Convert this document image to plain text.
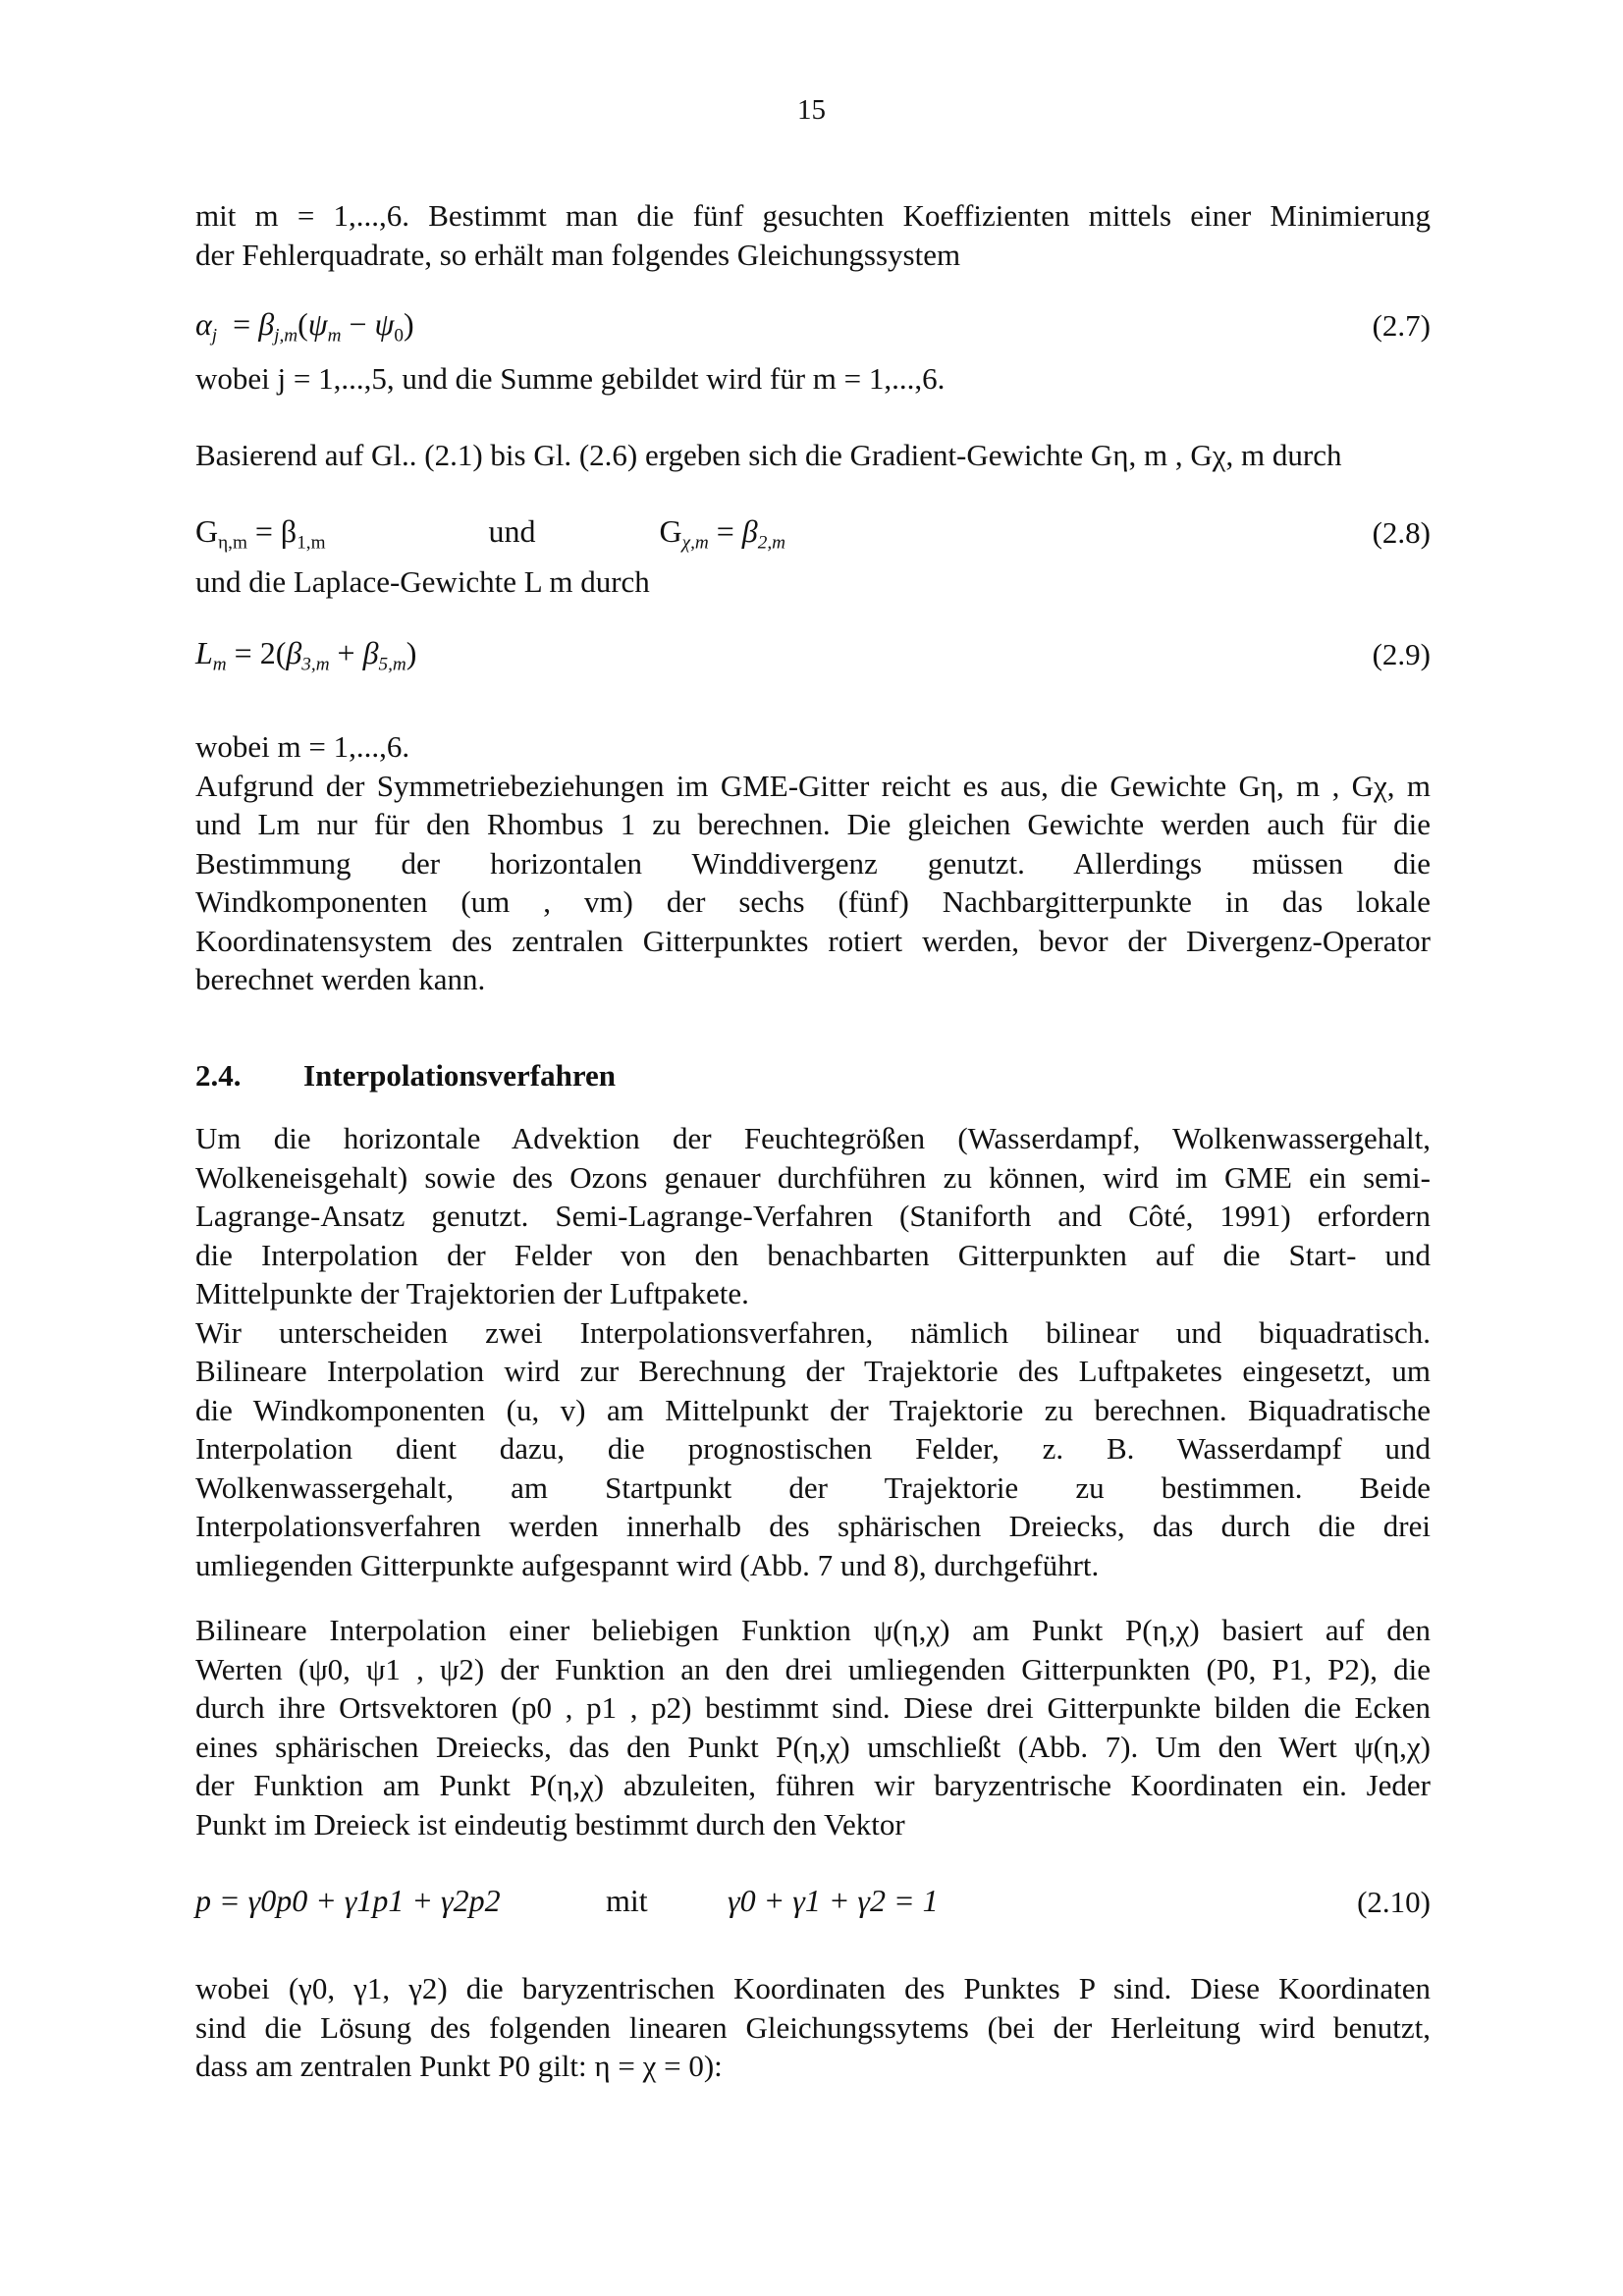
15
mit m = 1,...,6. Bestimmt man die fünf gesuchten Koeffizienten mittels einer Minimierung
der Fehlerquadrate, so erhält man folgendes Gleichungssystem
$\alpha_j = \beta_{j,m}(\psi_m - \psi_0)$	(2.7)
wobei j = 1,...,5, und die Summe gebildet wird für m = 1,...,6.
Basierend auf Gl.. (2.1) bis Gl. (2.6) ergeben sich die Gradient-Gewichte Gη, m , Gχ, m durch
$G_{\eta,m} = \beta_{1,m}$	und	$G_{\chi,m} = \beta_{2,m}$	(2.8)
und die Laplace-Gewichte L m durch
$L_m = 2(\beta_{3,m} + \beta_{5,m})$	(2.9)
wobei m = 1,...,6.
Aufgrund der Symmetriebeziehungen im GME-Gitter reicht es aus, die Gewichte Gη, m , Gχ, m
und Lm nur für den Rhombus 1 zu berechnen. Die gleichen Gewichte werden auch für die
Bestimmung der horizontalen Winddivergenz genutzt. Allerdings müssen die
Windkomponenten (um , vm) der sechs (fünf) Nachbargitterpunkte in das lokale
Koordinatensystem des zentralen Gitterpunktes rotiert werden, bevor der Divergenz-Operator
berechnet werden kann.
2.4. Interpolationsverfahren
Um die horizontale Advektion der Feuchtegrößen (Wasserdampf, Wolkenwassergehalt,
Wolkeneisgehalt) sowie des Ozons genauer durchführen zu können, wird im GME ein semi-
Lagrange-Ansatz genutzt. Semi-Lagrange-Verfahren (Staniforth and Côté, 1991) erfordern
die Interpolation der Felder von den benachbarten Gitterpunkten auf die Start- und
Mittelpunkte der Trajektorien der Luftpakete.
Wir unterscheiden zwei Interpolationsverfahren, nämlich bilinear und biquadratisch.
Bilineare Interpolation wird zur Berechnung der Trajektorie des Luftpaketes eingesetzt, um
die Windkomponenten (u, v) am Mittelpunkt der Trajektorie zu berechnen. Biquadratische
Interpolation dient dazu, die prognostischen Felder, z. B. Wasserdampf und
Wolkenwassergehalt, am Startpunkt der Trajektorie zu bestimmen. Beide
Interpolationsverfahren werden innerhalb des sphärischen Dreiecks, das durch die drei
umliegenden Gitterpunkte aufgespannt wird (Abb. 7 und 8), durchgeführt.
Bilineare Interpolation einer beliebigen Funktion ψ(η,χ) am Punkt P(η,χ) basiert auf den
Werten (ψ0, ψ1 , ψ2) der Funktion an den drei umliegenden Gitterpunkten (P0, P1, P2), die
durch ihre Ortsvektoren (p0 , p1 , p2) bestimmt sind. Diese drei Gitterpunkte bilden die Ecken
eines sphärischen Dreiecks, das den Punkt P(η,χ) umschließt (Abb. 7). Um den Wert ψ(η,χ)
der Funktion am Punkt P(η,χ) abzuleiten, führen wir baryzentrische Koordinaten ein. Jeder
Punkt im Dreieck ist eindeutig bestimmt durch den Vektor
p = γ0p0 + γ1p1 + γ2p2	mit	γ0 + γ1 + γ2 = 1	(2.10)
wobei (γ0, γ1, γ2) die baryzentrischen Koordinaten des Punktes P sind. Diese Koordinaten
sind die Lösung des folgenden linearen Gleichungssytems (bei der Herleitung wird benutzt,
dass am zentralen Punkt P0 gilt: η = χ = 0):
